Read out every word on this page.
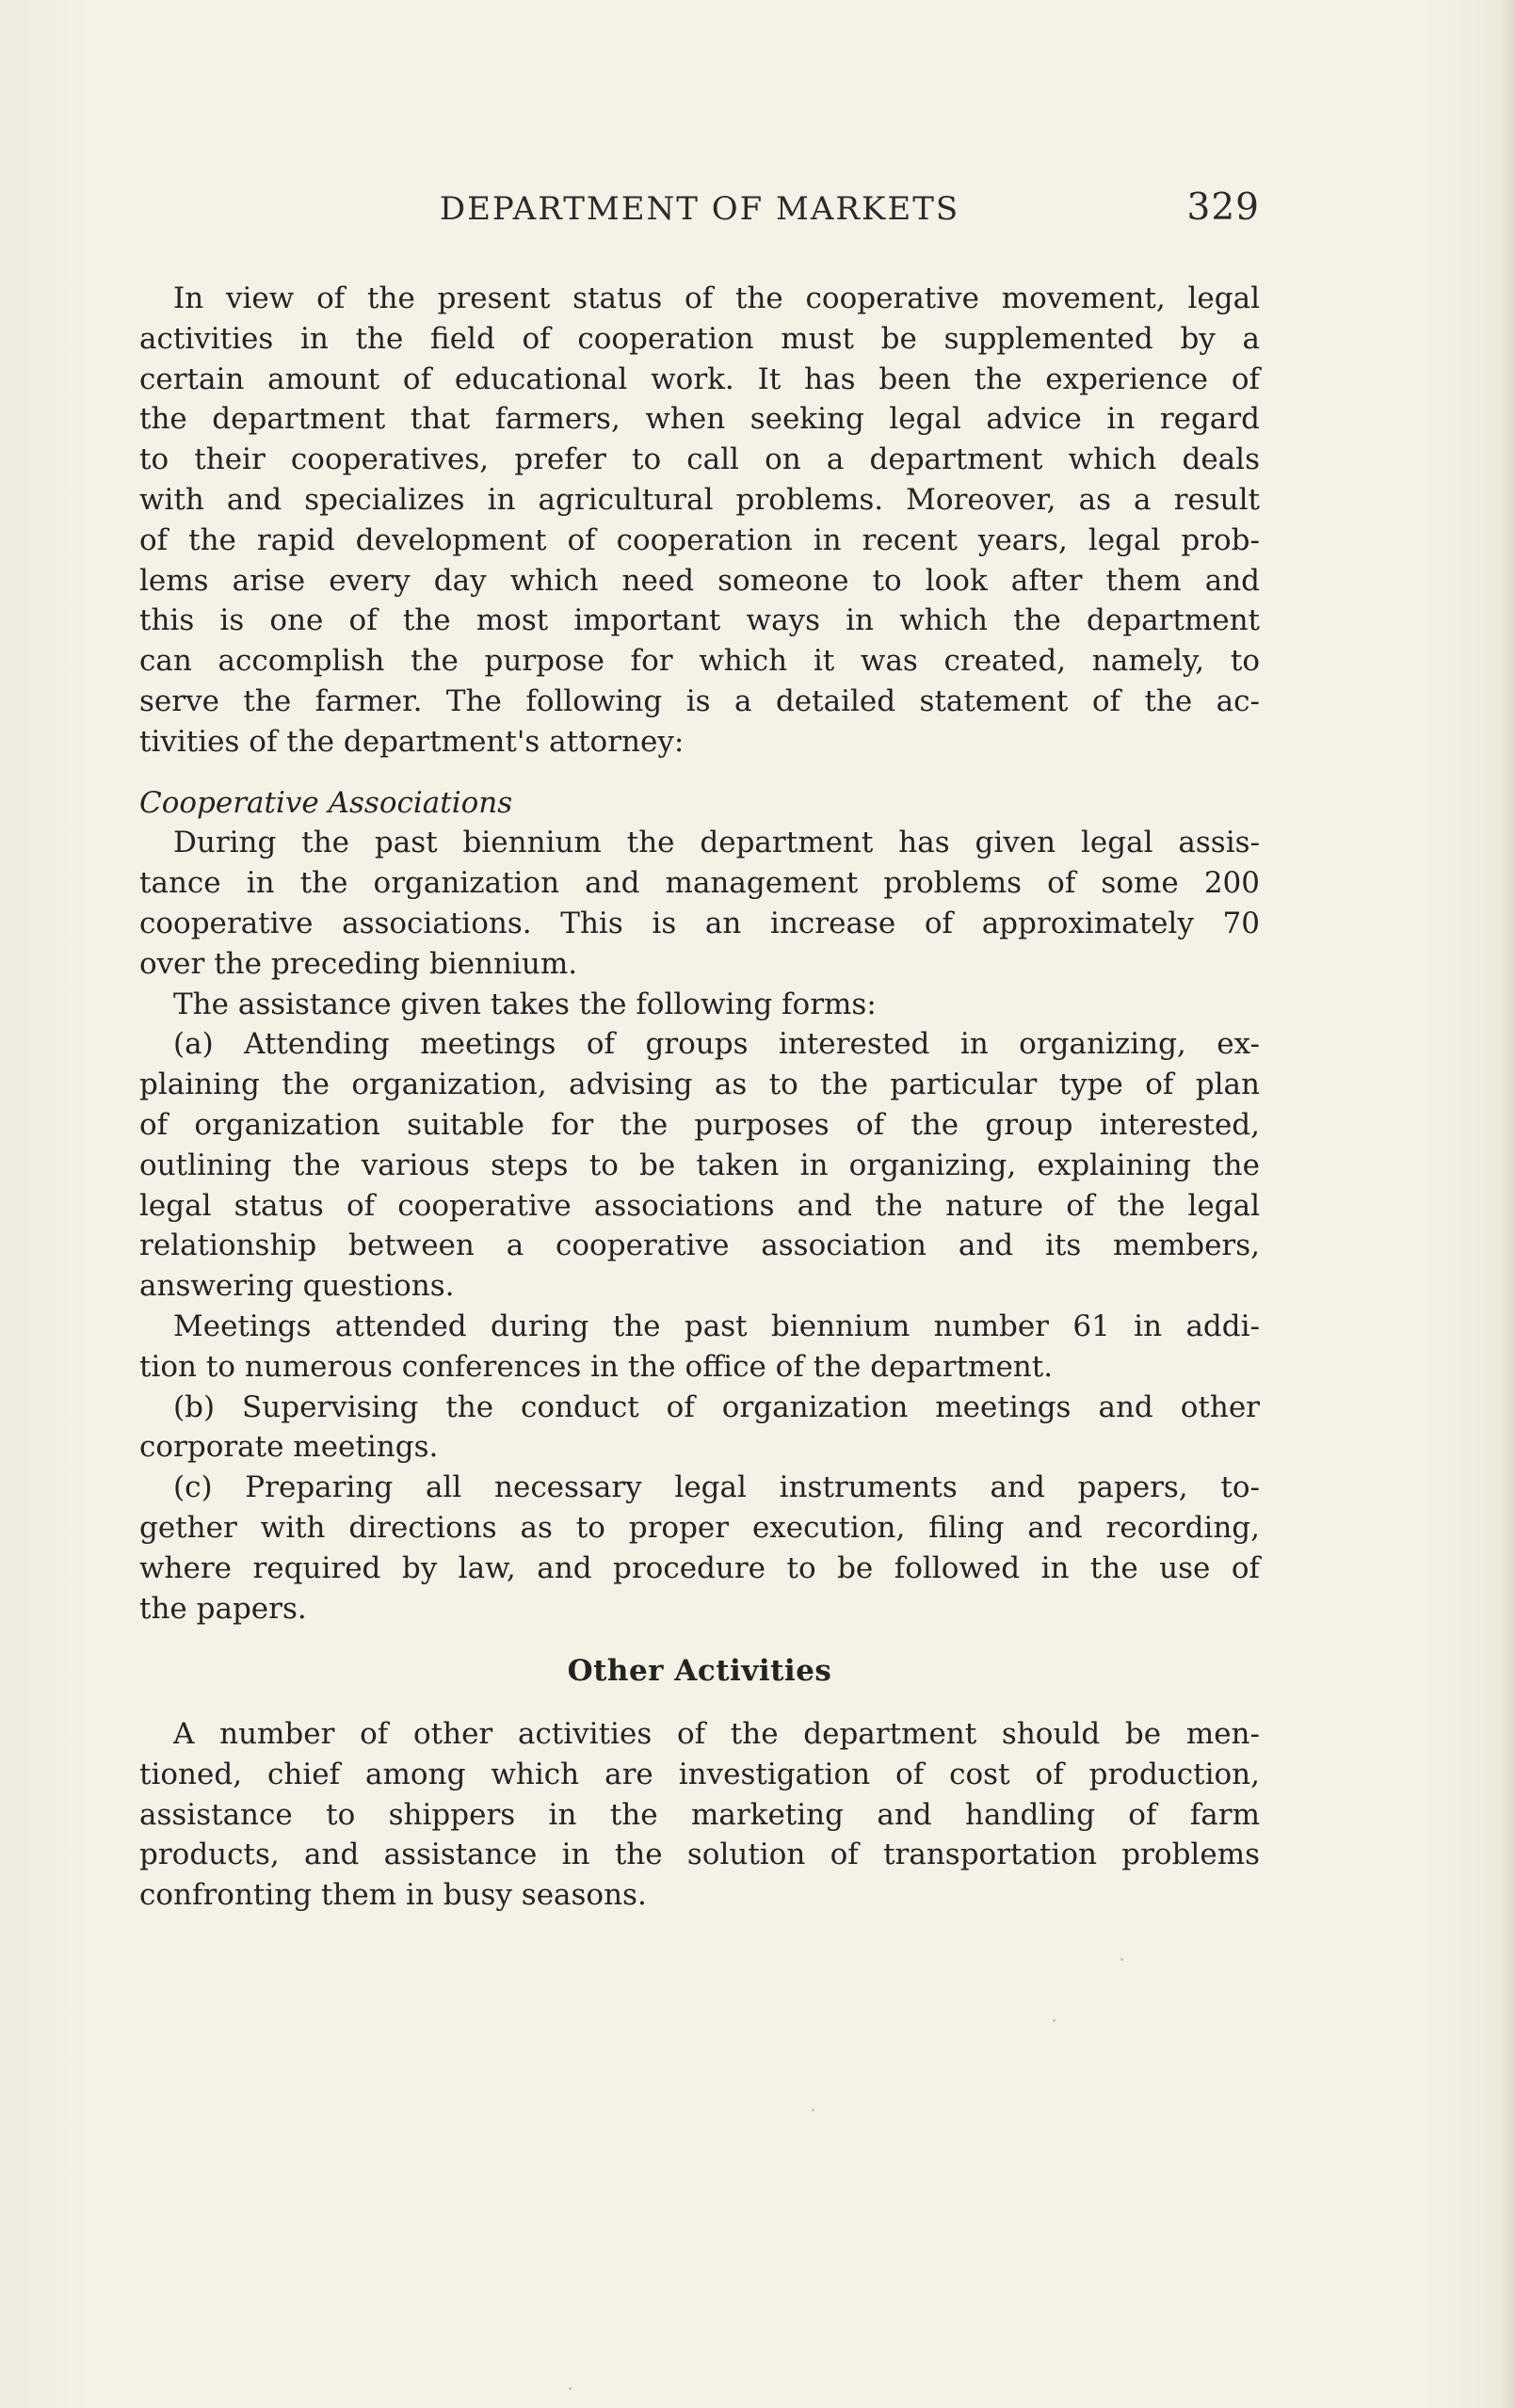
DEPARTMENT OF MARKETS	329
In view of the present status of the cooperative movement, legal
activities in the field of cooperation must be supplemented by a
certain amount of educational work. It has been the experience of
the department that farmers, when seeking legal advice in regard
to their cooperatives, prefer to call on a department which deals
with and specializes in agricultural problems. Moreover, as a result
of the rapid development of cooperation in recent years, legal prob-
lems arise every day which need someone to look after them and
this is one of the most important ways in which the department
can accomplish the purpose for which it was created, namely, to
serve the farmer. The following is a detailed statement of the ac-
tivities of the department's attorney:
Cooperative Associations
During the past biennium the department has given legal assis-
tance in the organization and management problems of some 200
cooperative associations. This is an increase of approximately 70
over the preceding biennium.
The assistance given takes the following forms:
(a) Attending meetings of groups interested in organizing, ex-
plaining the organization, advising as to the particular type of plan
of organization suitable for the purposes of the group interested,
outlining the various steps to be taken in organizing, explaining the
legal status of cooperative associations and the nature of the legal
relationship between a cooperative association and its members,
answering questions.
Meetings attended during the past biennium number 61 in addi-
tion to numerous conferences in the office of the department.
(b) Supervising the conduct of organization meetings and other
corporate meetings.
(c) Preparing all necessary legal instruments and papers, to-
gether with directions as to proper execution, filing and recording,
where required by law, and procedure to be followed in the use of
the papers.
Other Activities
A number of other activities of the department should be men-
tioned, chief among which are investigation of cost of production,
assistance to shippers in the marketing and handling of farm
products, and assistance in the solution of transportation problems
confronting them in busy seasons.
